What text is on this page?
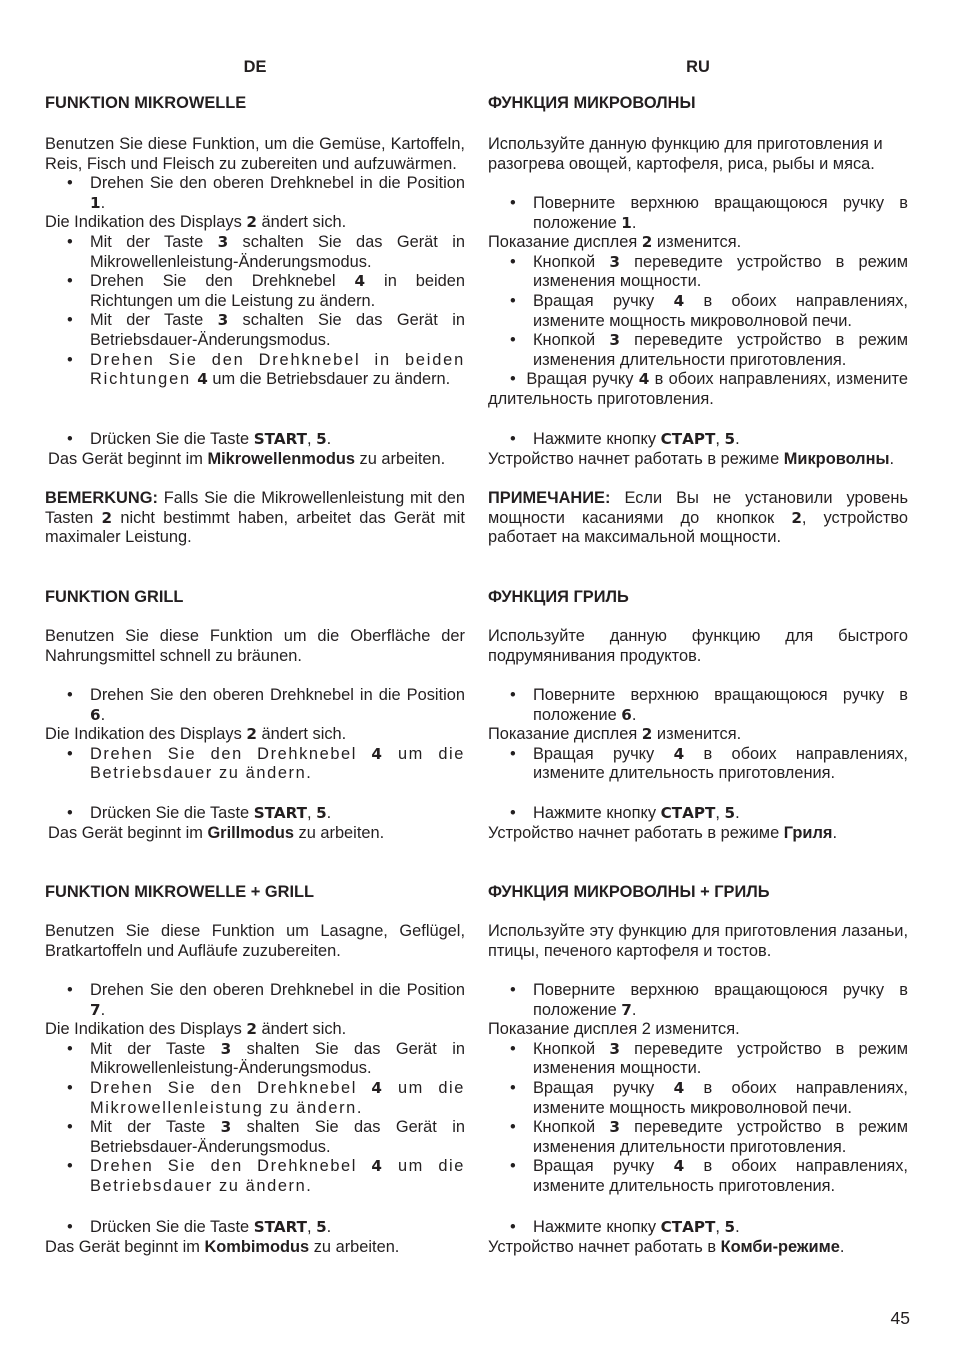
DE
FUNKTION MIKROWELLE
Benutzen Sie diese Funktion, um die Gemüse, Kartoffeln, Reis, Fisch und Fleisch zu zubereiten und aufzuwärmen.
• Drehen Sie den oberen Drehknebel in die Position 1.
Die Indikation des Displays 2 ändert sich.
• Mit der Taste 3 schalten Sie das Gerät in Mikrowellenleistung-Änderungsmodus.
• Drehen Sie den Drehknebel 4 in beiden Richtungen um die Leistung zu ändern.
• Mit der Taste 3 schalten Sie das Gerät in Betriebsdauer-Änderungsmodus.
• Drehen Sie den Drehknebel in beiden Richtungen 4 um die Betriebsdauer zu ändern.
• Drücken Sie die Taste START, 5.
Das Gerät beginnt im Mikrowellenmodus zu arbeiten.
BEMERKUNG: Falls Sie die Mikrowellenleistung mit den Tasten 2 nicht bestimmt haben, arbeitet das Gerät mit maximaler Leistung.
FUNKTION GRILL
Benutzen Sie diese Funktion um die Oberfläche der Nahrungsmittel schnell zu bräunen.
• Drehen Sie den oberen Drehknebel in die Position 6.
Die Indikation des Displays 2 ändert sich.
• Drehen Sie den Drehknebel 4 um die Betriebsdauer zu ändern.
• Drücken Sie die Taste START, 5.
Das Gerät beginnt im Grillmodus zu arbeiten.
FUNKTION MIKROWELLE + GRILL
Benutzen Sie diese Funktion um Lasagne, Geflügel, Bratkartoffeln und Aufläufe zuzubereiten.
• Drehen Sie den oberen Drehknebel in die Position 7.
Die Indikation des Displays 2 ändert sich.
• Mit der Taste 3 shalten Sie das Gerät in Mikrowellenleistung-Änderungsmodus.
• Drehen Sie den Drehknebel 4 um die Mikrowellenleistung zu ändern.
• Mit der Taste 3 shalten Sie das Gerät in Betriebsdauer-Änderungsmodus.
• Drehen Sie den Drehknebel 4 um die Betriebsdauer zu ändern.
• Drücken Sie die Taste START, 5.
Das Gerät beginnt im Kombimodus zu arbeiten.
RU
ФУНКЦИЯ МИКРОВОЛНЫ
Используйте данную функцию для приготовления и разогрева овощей, картофеля, риса, рыбы и мяса.
• Поверните верхнюю вращающоюся ручку в положение 1.
Показание дисплея 2 изменится.
• Кнопкой 3 переведите устройство в режим изменения мощности.
• Вращая ручку 4 в обоих направлениях, измените мощность микроволновой печи.
• Кнопкой 3 переведите устройство в режим изменения длительности приготовления.
•  Вращая ручку 4 в обоих направлениях, измените длительность приготовления.
• Нажмите кнопку СТАРТ, 5.
Устройство начнет работать в режиме Микроволны.
ПРИМЕЧАНИЕ: Если Вы не установили уровень мощности касаниями до кнопкок 2, устройство работает на максимальной мощности.
ФУНКЦИЯ ГРИЛЬ
Используйте данную функцию для быстрого подрумянивания продуктов.
• Поверните верхнюю вращающоюся ручку в положение 6.
Показание дисплея 2 изменится.
• Вращая ручку 4 в обоих направлениях, измените длительность приготовления.
• Нажмите кнопку СТАРТ, 5.
Устройство начнет работать в режиме Гриля.
ФУНКЦИЯ МИКРОВОЛНЫ + ГРИЛЬ
Используйте эту функцию для приготовления лазаньи, птицы, печеного картофеля и тостов.
• Поверните верхнюю вращающоюся ручку в положение 7.
Показание дисплея 2 изменится.
• Кнопкой 3 переведите устройство в режим изменения мощности.
• Вращая ручку 4 в обоих направлениях, измените мощность микроволновой печи.
• Кнопкой 3 переведите устройство в режим изменения длительности приготовления.
• Вращая ручку 4 в обоих направлениях, измените длительность приготовления.
• Нажмите кнопку СТАРТ, 5.
Устройство начнет работать в Комби-режиме.
45
